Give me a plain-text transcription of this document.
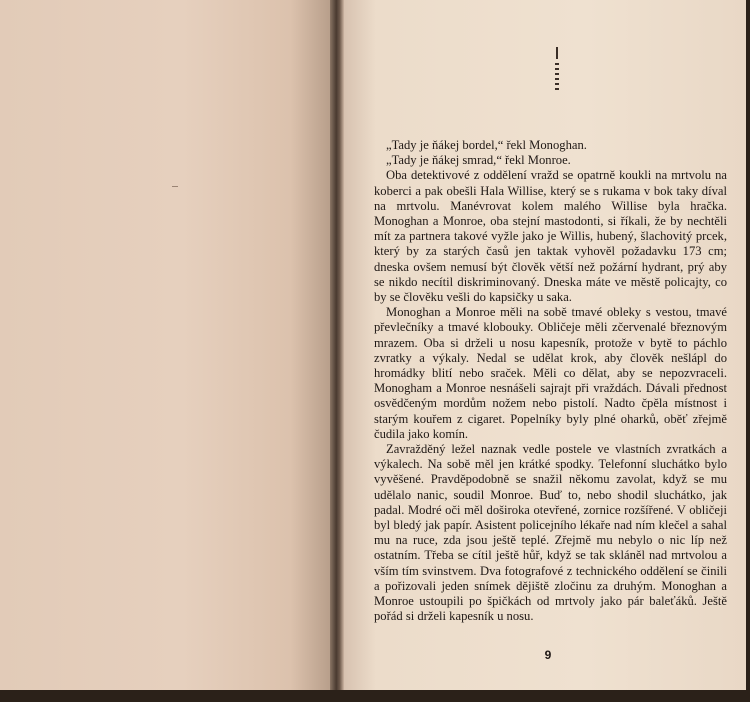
„Tady je ňákej bordel,“ řekl Monoghan.

„Tady je ňákej smrad,“ řekl Monroe.

Oba detektivové z oddělení vražd se opatrně koukli na mrtvolu na koberci a pak obešli Hala Willise, který se s rukama v bok taky díval na mrtvolu. Manévrovat kolem malého Willise byla hračka. Monoghan a Monroe, oba stejní mastodonti, si říkali, že by nechtěli mít za partnera takové vyžle jako je Willis, hubený, šlachovitý prcek, který by za starých časů jen taktak vyhověl požadavku 173 cm; dneska ovšem nemusí být člověk větší než požární hydrant, prý aby se nikdo necítil diskriminovaný. Dneska máte ve městě policajty, co by se člověku vešli do kapsičky u saka.

Monoghan a Monroe měli na sobě tmavé obleky s vestou, tmavé převlečníky a tmavé klobouky. Obličeje měli zčervenalé březnovým mrazem. Oba si drželi u nosu kapesník, protože v bytě to páchlo zvratky a výkaly. Nedal se udělat krok, aby člověk nešlápl do hromádky blití nebo sraček. Měli co dělat, aby se nepozvraceli. Monogham a Monroe nesnášeli sajrajt při vraždách. Dávali přednost osvědčeným mordům nožem nebo pistolí. Nadto čpěla místnost i starým kouřem z cigaret. Popelníky byly plné oharků, oběť zřejmě čudila jako komín.

Zavražděný ležel naznak vedle postele ve vlastních zvratkách a výkalech. Na sobě měl jen krátké spodky. Telefonní sluchátko bylo vyvěšené. Pravděpodobně se snažil někomu zavolat, když se mu udělalo nanic, soudil Monroe. Buď to, nebo shodil sluchátko, jak padal. Modré oči měl doširoka otevřené, zornice rozšířené. V obličeji byl bledý jak papír. Asistent policejního lékaře nad ním klečel a sahal mu na ruce, zda jsou ještě teplé. Zřejmě mu nebylo o nic líp než ostatním. Třeba se cítil ještě hůř, když se tak skláněl nad mrtvolou a vším tím svinstvem. Dva fotografové z technického oddělení se činili a pořizovali jeden snímek dějiště zločinu za druhým. Monoghan a Monroe ustoupili po špičkách od mrtvoly jako pár baleťáků. Ještě pořád si drželi kapesník u nosu.

9
